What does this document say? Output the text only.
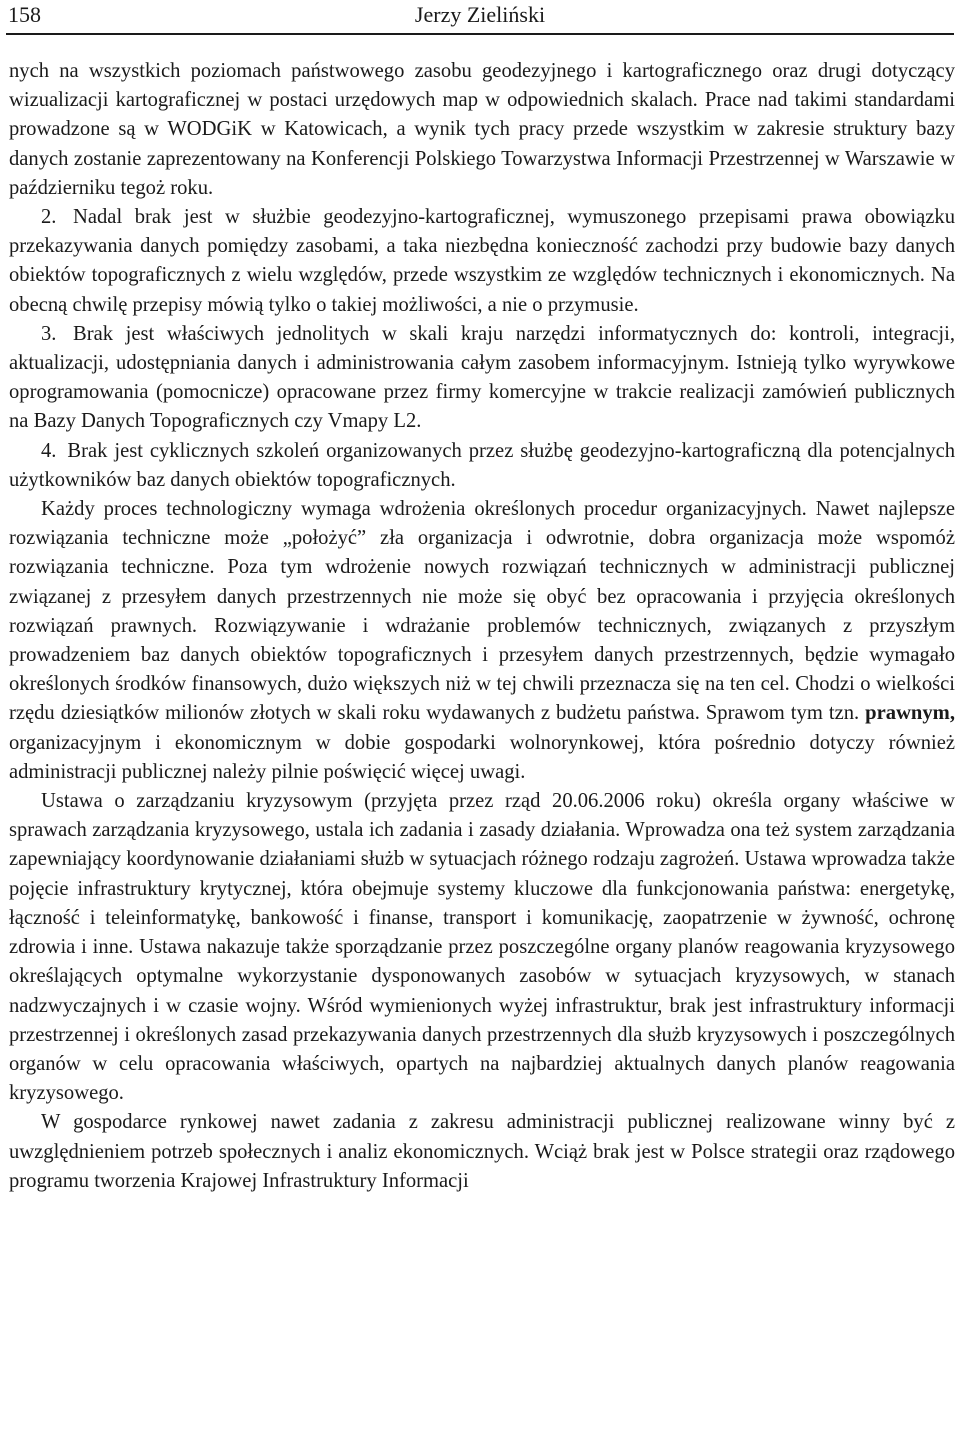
158	Jerzy Zieliński

nych na wszystkich poziomach państwowego zasobu geodezyjnego i kartograficznego oraz drugi dotyczący wizualizacji kartograficznej w postaci urzędowych map w odpowiednich skalach. Prace nad takimi standardami prowadzone są w WODGiK w Katowicach, a wynik tych pracy przede wszystkim w zakresie struktury bazy danych zostanie zaprezentowany na Konferencji Polskiego Towarzystwa Informacji Przestrzennej w Warszawie w październiku tegoż roku.

2. Nadal brak jest w służbie geodezyjno-kartograficznej, wymuszonego przepisami prawa obowiązku przekazywania danych pomiędzy zasobami, a taka niezbędna konieczność zachodzi przy budowie bazy danych obiektów topograficznych z wielu względów, przede wszystkim ze względów technicznych i ekonomicznych. Na obecną chwilę przepisy mówią tylko o takiej możliwości, a nie o przymusie.

3. Brak jest właściwych jednolitych w skali kraju narzędzi informatycznych do: kontroli, integracji, aktualizacji, udostępniania danych i administrowania całym zasobem informacyjnym. Istnieją tylko wyrywkowe oprogramowania (pomocnicze) opracowane przez firmy komercyjne w trakcie realizacji zamówień publicznych na Bazy Danych Topograficznych czy Vmapy L2.

4. Brak jest cyklicznych szkoleń organizowanych przez służbę geodezyjno-kartograficzną dla potencjalnych użytkowników baz danych obiektów topograficznych.

Każdy proces technologiczny wymaga wdrożenia określonych procedur organizacyjnych. Nawet najlepsze rozwiązania techniczne może „położyć” zła organizacja i odwrotnie, dobra organizacja może wspomóż rozwiązania techniczne. Poza tym wdrożenie nowych rozwiązań technicznych w administracji publicznej związanej z przesyłem danych przestrzennych nie może się obyć bez opracowania i przyjęcia określonych rozwiązań prawnych. Rozwiązywanie i wdrażanie problemów technicznych, związanych z przyszłym prowadzeniem baz danych obiektów topograficznych i przesyłem danych przestrzennych, będzie wymagało określonych środków finansowych, dużo większych niż w tej chwili przeznacza się na ten cel. Chodzi o wielkości rzędu dziesiątków milionów złotych w skali roku wydawanych z budżetu państwa. Sprawom tym tzn. prawnym, organizacyjnym i ekonomicznym w dobie gospodarki wolnorynkowej, która pośrednio dotyczy również administracji publicznej należy pilnie poświęcić więcej uwagi.

Ustawa o zarządzaniu kryzysowym (przyjęta przez rząd 20.06.2006 roku) określa organy właściwe w sprawach zarządzania kryzysowego, ustala ich zadania i zasady działania. Wprowadza ona też system zarządzania zapewniający koordynowanie działaniami służb w sytuacjach różnego rodzaju zagrożeń. Ustawa wprowadza także pojęcie infrastruktury krytycznej, która obejmuje systemy kluczowe dla funkcjonowania państwa: energetykę, łączność i teleinformatykę, bankowość i finanse, transport i komunikację, zaopatrzenie w żywność, ochronę zdrowia i inne. Ustawa nakazuje także sporządzanie przez poszczególne organy planów reagowania kryzysowego określających optymalne wykorzystanie dysponowanych zasobów w sytuacjach kryzysowych, w stanach nadzwyczajnych i w czasie wojny. Wśród wymienionych wyżej infrastruktur, brak jest infrastruktury informacji przestrzennej i określonych zasad przekazywania danych przestrzennych dla służb kryzysowych i poszczególnych organów w celu opracowania właściwych, opartych na najbardziej aktualnych danych planów reagowania kryzysowego.

W gospodarce rynkowej nawet zadania z zakresu administracji publicznej realizowane winny być z uwzględnieniem potrzeb społecznych i analiz ekonomicznych. Wciąż brak jest w Polsce strategii oraz rządowego programu tworzenia Krajowej Infrastruktury Informacji
